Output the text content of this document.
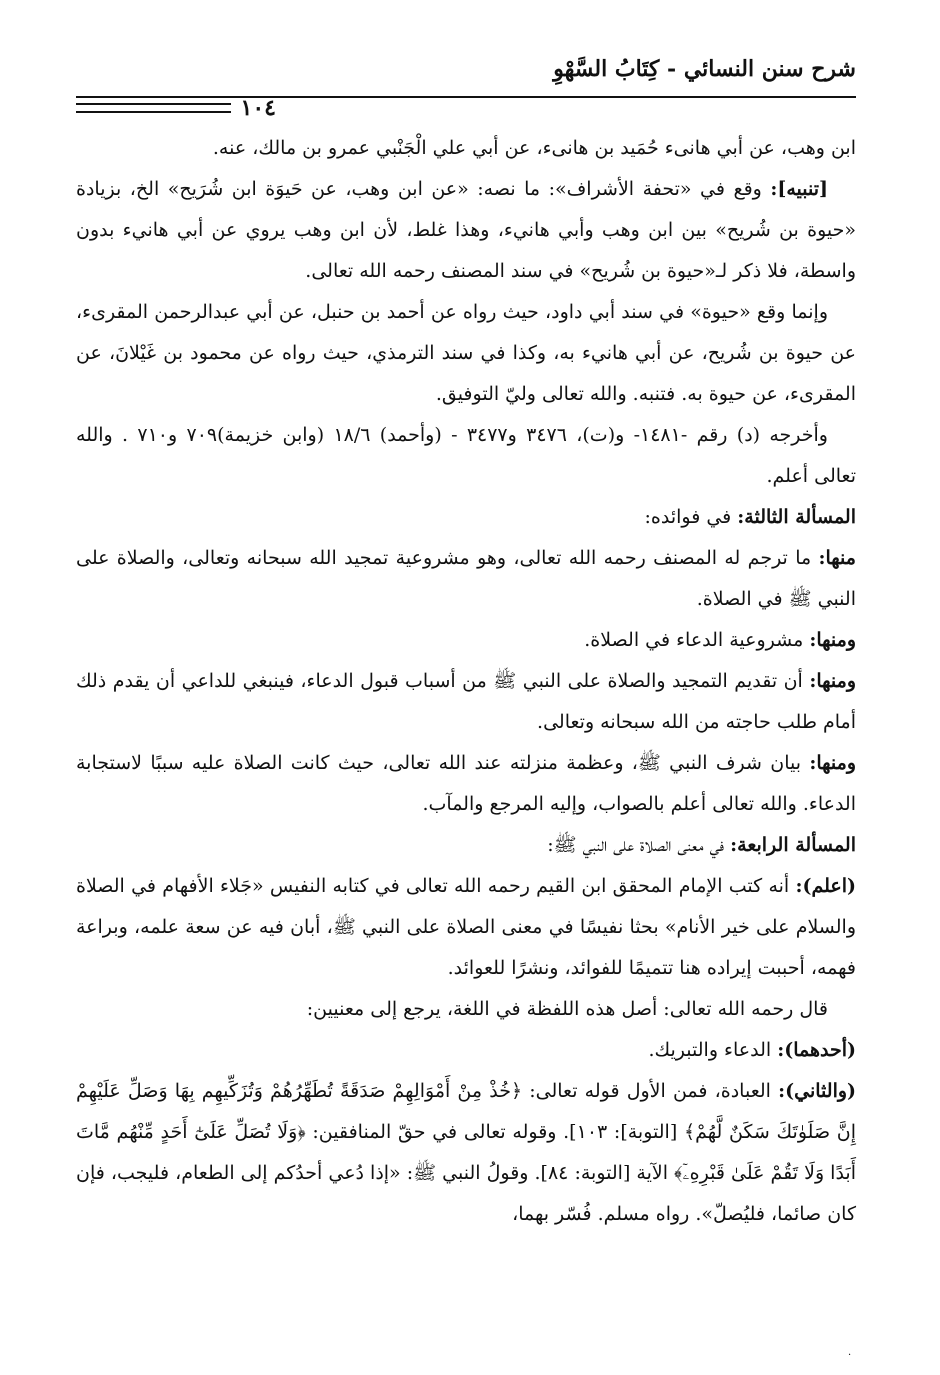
شرح سنن النسائي - كِتَابُ السَّهْوِ
١٠٤

ابن وهب، عن أبي هانىء حُمَيد بن هانىء، عن أبي علي الْجَنْبي عمرو بن مالك، عنه.

[تنبيه]: وقع في «تحفة الأشراف»: ما نصه: «عن ابن وهب، عن حَيوَة ابن شُرَيح» الخ، بزيادة «حيوة بن شُريح» بين ابن وهب وأبي هانيء، وهذا غلط، لأن ابن وهب يروي عن أبي هانيء بدون واسطة، فلا ذكر لـ«حيوة بن شُريح» في سند المصنف رحمه الله تعالى.

وإنما وقع «حيوة» في سند أبي داود، حيث رواه عن أحمد بن حنبل، عن أبي عبدالرحمن المقرىء، عن حيوة بن شُريح، عن أبي هانيء به، وكذا في سند الترمذي، حيث رواه عن محمود بن غَيْلانَ، عن المقرىء، عن حيوة به. فتنبه. والله تعالى وليّ التوفيق.

وأخرجه (د) رقم -١٤٨١- و(ت)، ٣٤٧٦ و٣٤٧٧ - (وأحمد) ١٨/٦ (وابن خزيمة)٧٠٩ و٧١٠ . والله تعالى أعلم.

المسألة الثالثة: في فوائده:

منها: ما ترجم له المصنف رحمه الله تعالى، وهو مشروعية تمجيد الله سبحانه وتعالى، والصلاة على النبي ﷺ في الصلاة.

ومنها: مشروعية الدعاء في الصلاة.

ومنها: أن تقديم التمجيد والصلاة على النبي ﷺ من أسباب قبول الدعاء، فينبغي للداعي أن يقدم ذلك أمام طلب حاجته من الله سبحانه وتعالى.

ومنها: بيان شرف النبي ﷺ، وعظمة منزلته عند الله تعالى، حيث كانت الصلاة عليه سببًا لاستجابة الدعاء. والله تعالى أعلم بالصواب، وإليه المرجع والمآب.

المسألة الرابعة: في معنى الصلاة على النبي ﷺ:

(اعلم): أنه كتب الإمام المحقق ابن القيم رحمه الله تعالى في كتابه النفيس «جَلاء الأفهام في الصلاة والسلام على خير الأنام» بحثا نفيسًا في معنى الصلاة على النبي ﷺ، أبان فيه عن سعة علمه، وبراعة فهمه، أحببت إيراده هنا تتميمًا للفوائد، ونشرًا للعوائد.

قال رحمه الله تعالى: أصل هذه اللفظة في اللغة، يرجع إلى معنيين:

(أحدهما): الدعاء والتبريك.

(والثاني): العبادة، فمن الأول قوله تعالى: ﴿خُذْ مِنْ أَمْوَالِهِمْ صَدَقَةً تُطَهِّرُهُمْ وَتُزَكِّيهِم بِهَا وَصَلِّ عَلَيْهِمْ إِنَّ صَلَوٰتَكَ سَكَنٌ لَّهُمْ﴾ [التوبة]: ١٠٣]. وقوله تعالى في حقّ المنافقين: ﴿وَلَا تُصَلِّ عَلَىٰٓ أَحَدٍ مِّنْهُم مَّاتَ أَبَدًا وَلَا تَقُمْ عَلَىٰ قَبْرِهِۦٓ﴾ الآية [التوبة: ٨٤]. وقولُ النبي ﷺ: «إذا دُعي أحدُكم إلى الطعام، فليجب، فإن كان صائما، فليُصلّ». رواه مسلم. فُسّر بهما،

·
